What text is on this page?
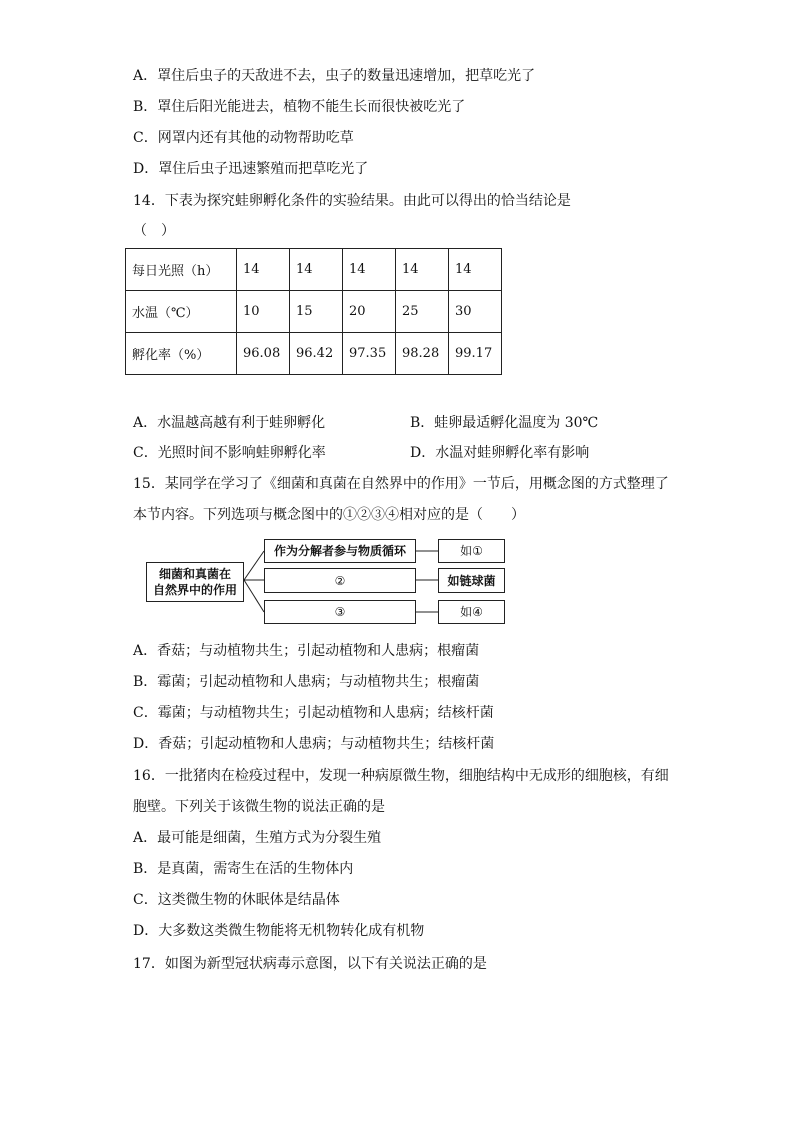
A．罩住后虫子的天敌进不去，虫子的数量迅速增加，把草吃光了
B．罩住后阳光能进去，植物不能生长而很快被吃光了
C．网罩内还有其他的动物帮助吃草
D．罩住后虫子迅速繁殖而把草吃光了
14．下表为探究蛙卵孵化条件的实验结果。由此可以得出的恰当结论是
（　）
每日光照（h）	14	14	14	14	14
水温（℃）	10	15	20	25	30
孵化率（%）	96.08	96.42	97.35	98.28	99.17
A．水温越高越有利于蛙卵孵化	B．蛙卵最适孵化温度为 30℃
C．光照时间不影响蛙卵孵化率	D．水温对蛙卵孵化率有影响
15．某同学在学习了《细菌和真菌在自然界中的作用》一节后，用概念图的方式整理了
本节内容。下列选项与概念图中的①②③④相对应的是（　　）
细菌和真菌在
自然界中的作用
作为分解者参与物质循环
②
③
如①
如链球菌
如④
A．香菇；与动植物共生；引起动植物和人患病；根瘤菌
B．霉菌；引起动植物和人患病；与动植物共生；根瘤菌
C．霉菌；与动植物共生；引起动植物和人患病；结核杆菌
D．香菇；引起动植物和人患病；与动植物共生；结核杆菌
16．一批猪肉在检疫过程中，发现一种病原微生物，细胞结构中无成形的细胞核，有细
胞壁。下列关于该微生物的说法正确的是
A．最可能是细菌，生殖方式为分裂生殖
B．是真菌，需寄生在活的生物体内
C．这类微生物的休眠体是结晶体
D．大多数这类微生物能将无机物转化成有机物
17．如图为新型冠状病毒示意图，以下有关说法正确的是
